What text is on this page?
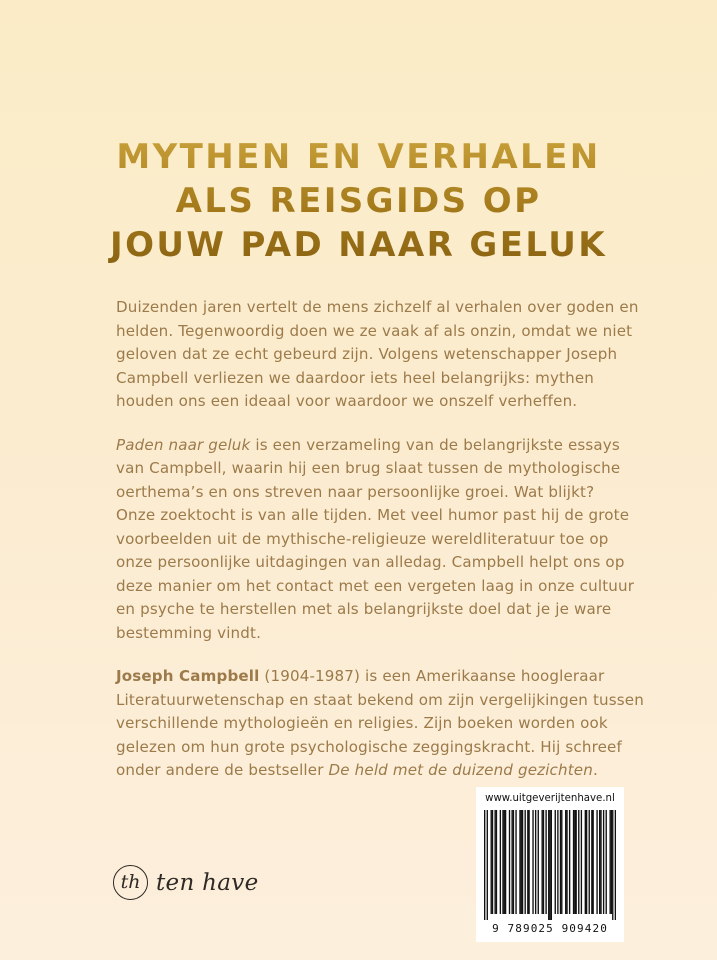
MYTHEN EN VERHALEN
ALS REISGIDS OP
JOUW PAD NAAR GELUK

Duizenden jaren vertelt de mens zichzelf al verhalen over goden en
helden. Tegenwoordig doen we ze vaak af als onzin, omdat we niet
geloven dat ze echt gebeurd zijn. Volgens wetenschapper Joseph
Campbell verliezen we daardoor iets heel belangrijks: mythen
houden ons een ideaal voor waardoor we onszelf verheffen.

Paden naar geluk is een verzameling van de belangrijkste essays
van Campbell, waarin hij een brug slaat tussen de mythologische
oerthema’s en ons streven naar persoonlijke groei. Wat blijkt?
Onze zoektocht is van alle tijden. Met veel humor past hij de grote
voorbeelden uit de mythische-religieuze wereldliteratuur toe op
onze persoonlijke uitdagingen van alledag. Campbell helpt ons op
deze manier om het contact met een vergeten laag in onze cultuur
en psyche te herstellen met als belangrijkste doel dat je je ware
bestemming vindt.

Joseph Campbell (1904-1987) is een Amerikaanse hoogleraar
Literatuurwetenschap en staat bekend om zijn vergelijkingen tussen
verschillende mythologieën en religies. Zijn boeken worden ook
gelezen om hun grote psychologische zeggingskracht. Hij schreef
onder andere de bestseller De held met de duizend gezichten.

th ten have
www.uitgeverijtenhave.nl
9 789025 909420
